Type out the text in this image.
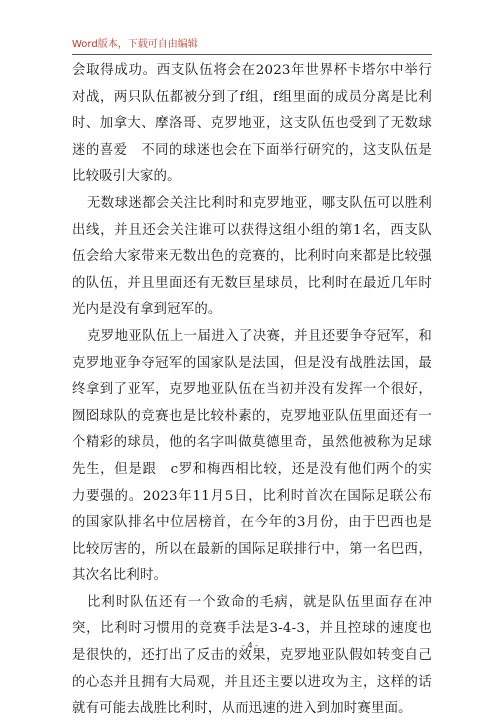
Word版本，下载可自由编辑

会取得成功。西支队伍将会在2023年世界杯卡塔尔中举行对战，两只队伍都被分到了f组，f组里面的成员分离是比利时、加拿大、摩洛哥、克罗地亚，这支队伍也受到了无数球迷的喜爱　不同的球迷也会在下面举行研究的，这支队伍是比较吸引大家的。

无数球迷都会关注比利时和克罗地亚，哪支队伍可以胜利出线，并且还会关注谁可以获得这组小组的第1名，西支队伍会给大家带来无数出色的竞赛的，比利时向来都是比较强的队伍，并且里面还有无数巨星球员，比利时在最近几年时光内是没有拿到冠军的。

克罗地亚队伍上一届进入了决赛，并且还要争夺冠军，和克罗地亚争夺冠军的国家队是法国，但是没有战胜法国，最终拿到了亚军，克罗地亚队伍在当初并没有发挥一个很好，囫囵球队的竞赛也是比较朴素的，克罗地亚队伍里面还有一个精彩的球员，他的名字叫做莫德里奇，虽然他被称为足球先生，但是跟　c罗和梅西相比较，还是没有他们两个的实力要强的。2023年11月5日，比利时首次在国际足联公布的国家队排名中位居榜首，在今年的3月份，由于巴西也是比较厉害的，所以在最新的国际足联排行中，第一名巴西，其次名比利时。

比利时队伍还有一个致命的毛病，就是队伍里面存在冲突，比利时习惯用的竞赛手法是3-4-3，并且控球的速度也是很快的，还打出了反击的效果，克罗地亚队假如转变自己的心态并且拥有大局观，并且还主要以进攻为主，这样的话就有可能去战胜比利时，从而迅速的进入到加时赛里面。

- 4 -
